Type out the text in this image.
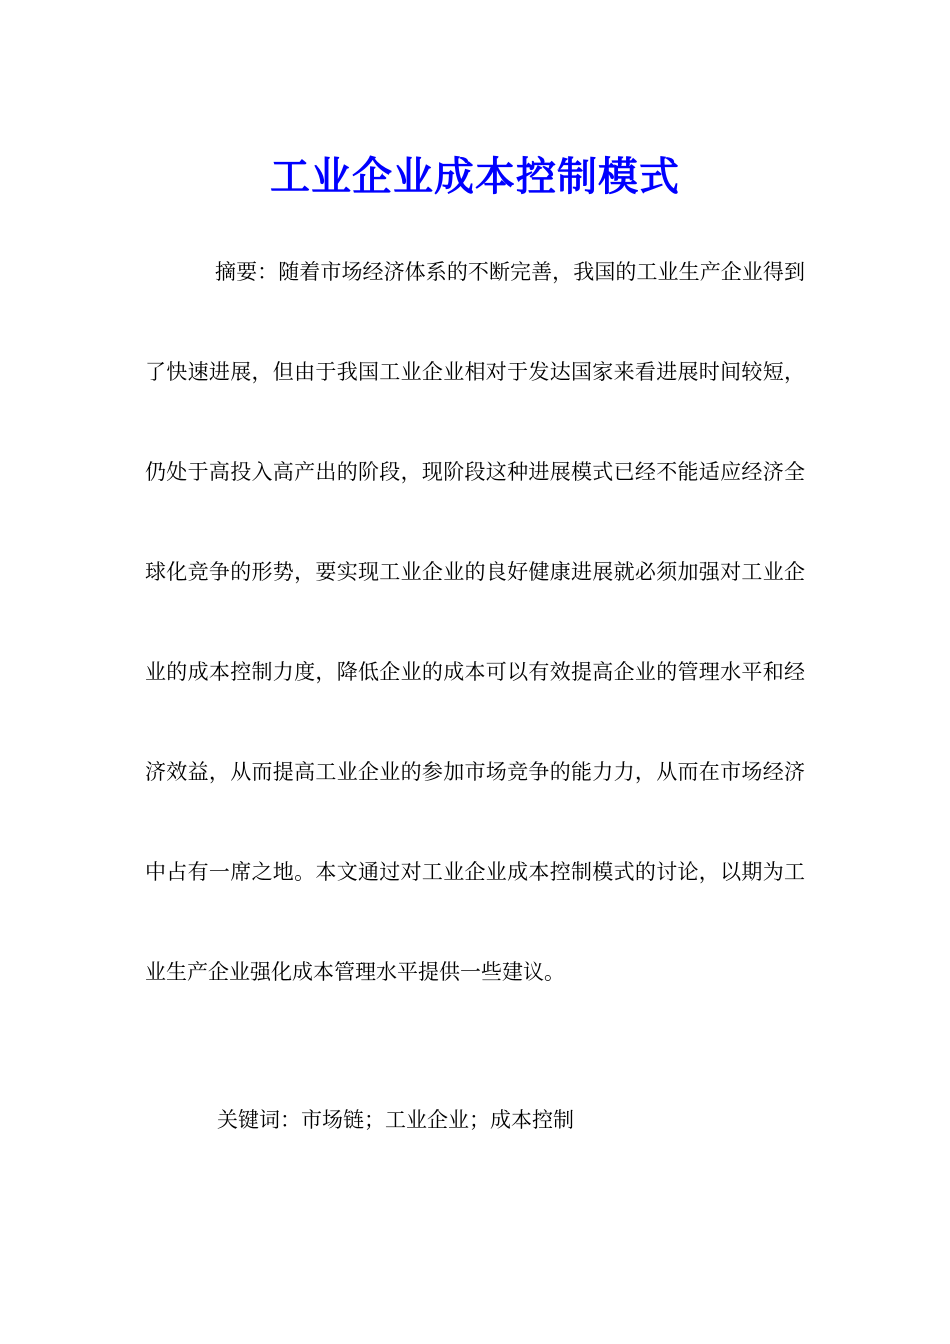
工业企业成本控制模式

摘要：随着市场经济体系的不断完善，我国的工业生产企业得到了快速进展，但由于我国工业企业相对于发达国家来看进展时间较短，仍处于高投入高产出的阶段，现阶段这种进展模式已经不能适应经济全球化竞争的形势，要实现工业企业的良好健康进展就必须加强对工业企业的成本控制力度，降低企业的成本可以有效提高企业的管理水平和经济效益，从而提高工业企业的参加市场竞争的能力力，从而在市场经济中占有一席之地。本文通过对工业企业成本控制模式的讨论，以期为工业生产企业强化成本管理水平提供一些建议。

关键词：市场链；工业企业；成本控制
